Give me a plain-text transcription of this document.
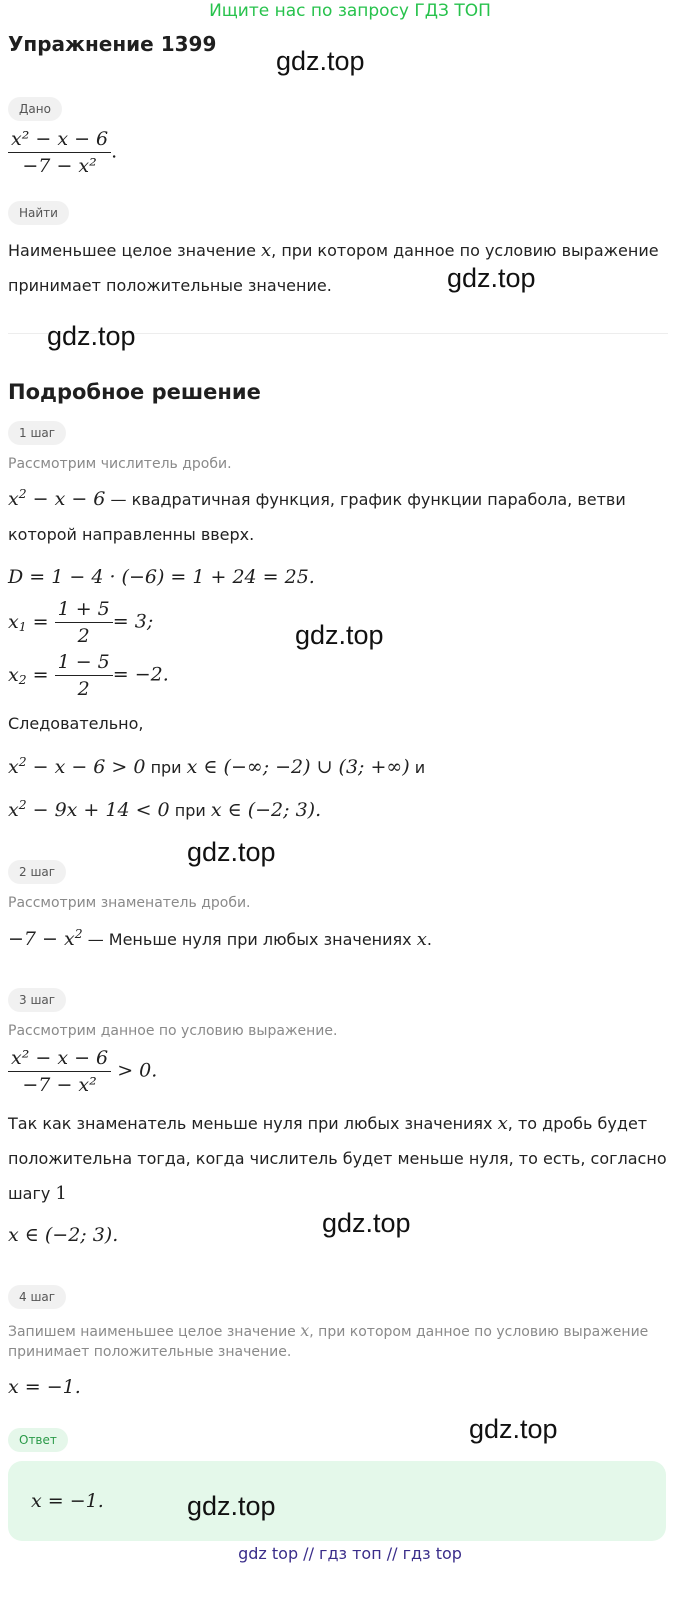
Ищите нас по запросу ГДЗ ТОП
Упражнение 1399
gdz.top
Дано
$\frac{\text{x² − x − 6}}{\text{−7 − x²}}$ .
Найти
Наименьшее целое значение x, при котором данное по условию выражение
принимает положительные значение.	gdz.top
gdz.top
Подробное решение
1 шаг
Рассмотрим числитель дроби.
$x^2 - x - 6$ — квадратичная функция, график функции парабола, ветви
которой направленны вверх.
D = 1 − 4 · (−6) = 1 + 24 = 25.
$x_1 = \frac{1 + 5}{2} = 3$;	gdz.top
$x_2 = \frac{1 - 5}{2} = -2$.
Следовательно,
$x^2 - x - 6 > 0$ при x ∈ (−∞; −2) ∪ (3; +∞) и
$x^2 - 9x + 14 < 0$ при x ∈ (−2; 3).
gdz.top
2 шаг
Рассмотрим знаменатель дроби.
$-7 - x^2$ — Меньше нуля при любых значениях x.
3 шаг
Рассмотрим данное по условию выражение.
$\frac{\text{x² − x − 6}}{\text{−7 − x²}} > 0$.
Так как знаменатель меньше нуля при любых значениях x, то дробь будет
положительна тогда, когда числитель будет меньше нуля, то есть, согласно
шагу 1
x ∈ (−2; 3).	gdz.top
4 шаг
Запишем наименьшее целое значение x, при котором данное по условию выражение
принимает положительные значение.
x = −1.
gdz.top
Ответ
x = −1.	gdz.top
gdz top // гдз топ // гдз top
